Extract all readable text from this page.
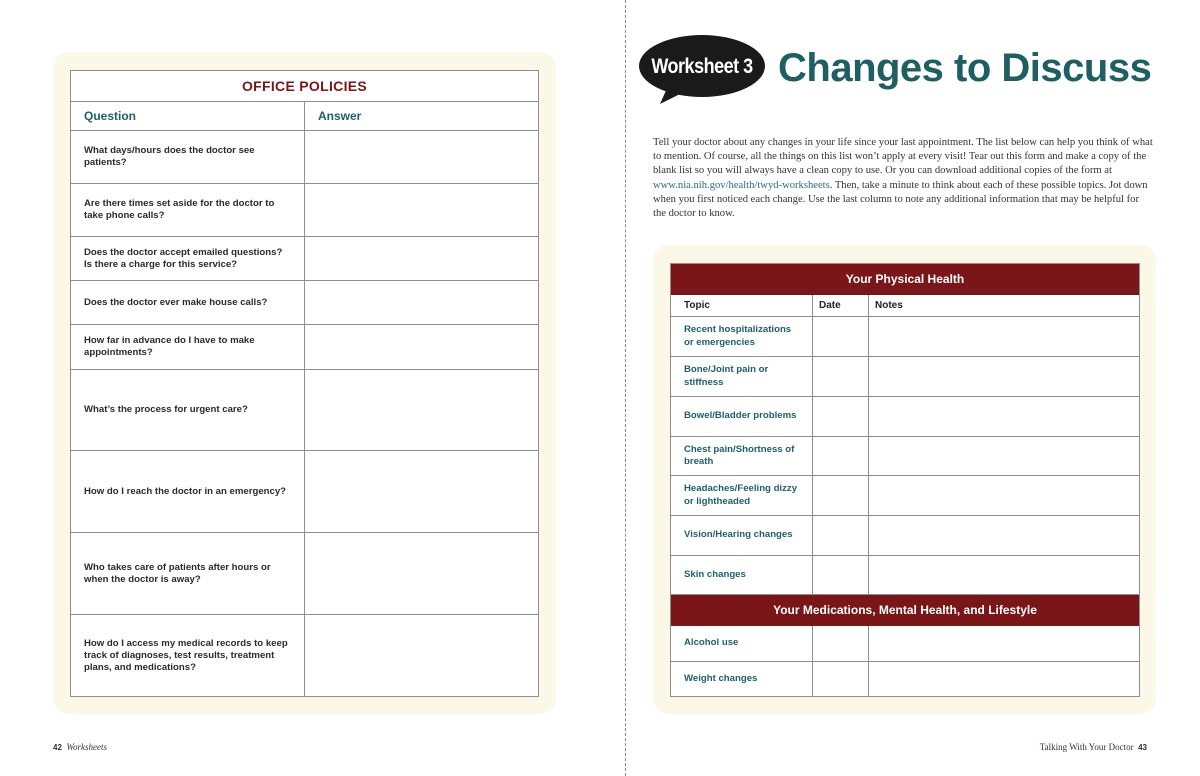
OFFICE POLICIES	
Question	Answer
What days/hours does the doctor see patients?	
Are there times set aside for the doctor to take phone calls?	
Does the doctor accept emailed questions? Is there a charge for this service?	
Does the doctor ever make house calls?	
How far in advance do I have to make appointments?	
What’s the process for urgent care?	
How do I reach the doctor in an emergency?	
Who takes care of patients after hours or when the doctor is away?	
How do I access my medical records to keep track of diagnoses, test results, treatment plans, and medications?	
42 Worksheets
Worksheet 3 Changes to Discuss
Tell your doctor about any changes in your life since your last appointment. The list below can help you think of what to mention. Of course, all the things on this list won’t apply at every visit! Tear out this form and make a copy of the blank list so you will always have a clean copy to use. Or you can download additional copies of the form at www.nia.nih.gov/health/twyd-worksheets. Then, take a minute to think about each of these possible topics. Jot down when you first noticed each change. Use the last column to note any additional information that may be helpful for the doctor to know.
Your Physical Health		
Topic	Date	Notes
Recent hospitalizations or emergencies		
Bone/Joint pain or stiffness		
Bowel/Bladder problems		
Chest pain/Shortness of breath		
Headaches/Feeling dizzy or lightheaded		
Vision/Hearing changes		
Skin changes		
Your Medications, Mental Health, and Lifestyle		
Alcohol use		
Weight changes		
Talking With Your Doctor 43
